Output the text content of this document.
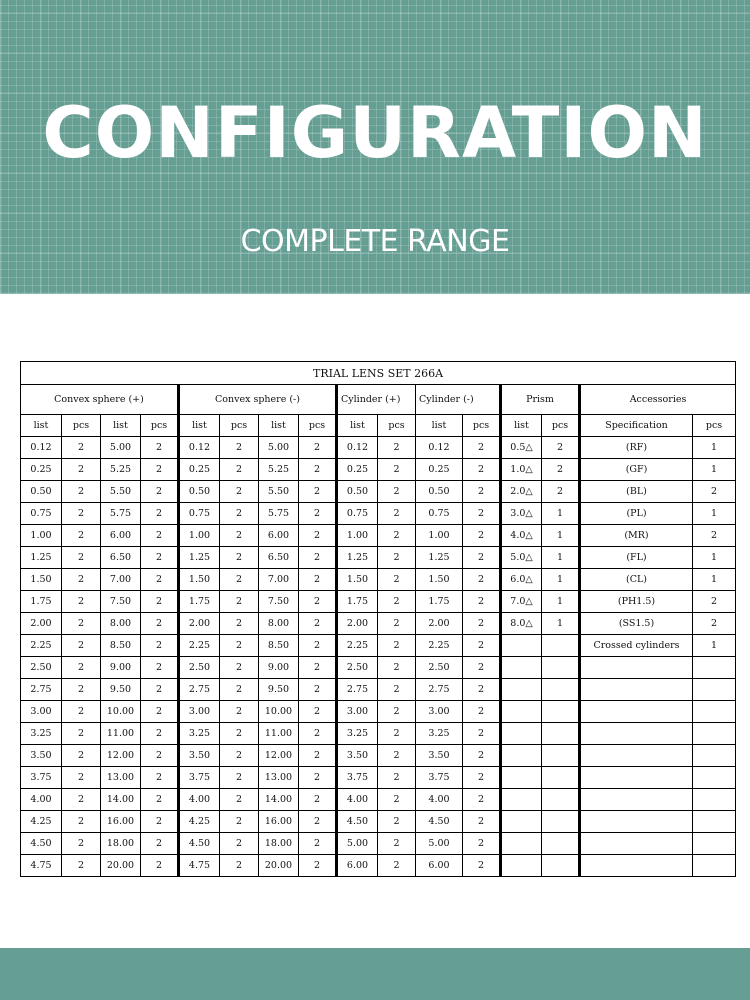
CONFIGURATION
COMPLETE RANGE
TRIAL LENS SET 266A															
Convex sphere (+)				Convex sphere (-)				Cylinder (+)		Cylinder (-)		Prism		Accessories	
list	pcs	list	pcs	list	pcs	list	pcs	list	pcs	list	pcs	list	pcs	Specification	pcs
0.12	2	5.00	2	0.12	2	5.00	2	0.12	2	0.12	2	0.5△	2	(RF)	1
0.25	2	5.25	2	0.25	2	5.25	2	0.25	2	0.25	2	1.0△	2	(GF)	1
0.50	2	5.50	2	0.50	2	5.50	2	0.50	2	0.50	2	2.0△	2	(BL)	2
0.75	2	5.75	2	0.75	2	5.75	2	0.75	2	0.75	2	3.0△	1	(PL)	1
1.00	2	6.00	2	1.00	2	6.00	2	1.00	2	1.00	2	4.0△	1	(MR)	2
1.25	2	6.50	2	1.25	2	6.50	2	1.25	2	1.25	2	5.0△	1	(FL)	1
1.50	2	7.00	2	1.50	2	7.00	2	1.50	2	1.50	2	6.0△	1	(CL)	1
1.75	2	7.50	2	1.75	2	7.50	2	1.75	2	1.75	2	7.0△	1	(PH1.5)	2
2.00	2	8.00	2	2.00	2	8.00	2	2.00	2	2.00	2	8.0△	1	(SS1.5)	2
2.25	2	8.50	2	2.25	2	8.50	2	2.25	2	2.25	2			Crossed cylinders	1
2.50	2	9.00	2	2.50	2	9.00	2	2.50	2	2.50	2				
2.75	2	9.50	2	2.75	2	9.50	2	2.75	2	2.75	2				
3.00	2	10.00	2	3.00	2	10.00	2	3.00	2	3.00	2				
3.25	2	11.00	2	3.25	2	11.00	2	3.25	2	3.25	2				
3.50	2	12.00	2	3.50	2	12.00	2	3.50	2	3.50	2				
3.75	2	13.00	2	3.75	2	13.00	2	3.75	2	3.75	2				
4.00	2	14.00	2	4.00	2	14.00	2	4.00	2	4.00	2				
4.25	2	16.00	2	4.25	2	16.00	2	4.50	2	4.50	2				
4.50	2	18.00	2	4.50	2	18.00	2	5.00	2	5.00	2				
4.75	2	20.00	2	4.75	2	20.00	2	6.00	2	6.00	2				
